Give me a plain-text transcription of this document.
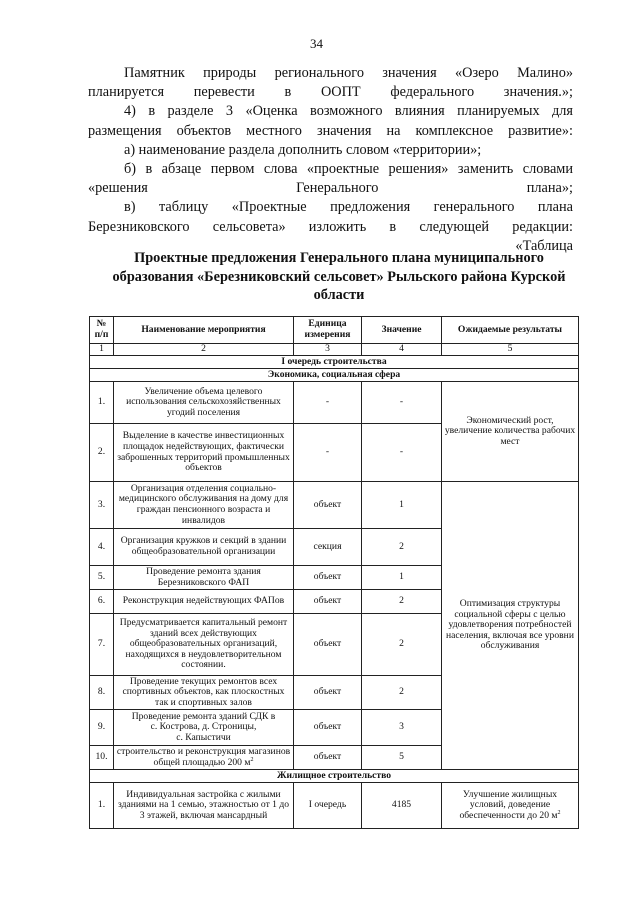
34

Памятник природы регионального значения «Озеро Малино» планируется перевести в ООПТ федерального значения.»;

4) в разделе 3 «Оценка возможного влияния планируемых для размещения объектов местного значения на комплексное развитие»:

а) наименование раздела дополнить словом «территории»;

б) в абзаце первом слова «проектные решения» заменить словами «решения Генерального плана»;

в) таблицу «Проектные предложения генерального плана Березниковского сельсовета» изложить в следующей редакции:

«Таблица

Проектные предложения Генерального плана муниципального образования «Березниковский сельсовет» Рыльского района Курской области
№ п/п	Наименование мероприятия	Единица измерения	Значение	Ожидаемые результаты
1	2	3	4	5
I очередь строительства				
Экономика, социальная сфера				
1.	Увеличение объема целевого использования сельскохозяйственных угодий поселения	-	-	Экономический рост, увеличение количества рабочих мест
2.	Выделение в качестве инвестиционных площадок недействующих, фактически заброшенных территорий промышленных объектов	-	-	
3.	Организация отделения социально-медицинского обслуживания на дому для граждан пенсионного возраста и инвалидов	объект	1	Оптимизация структуры социальной сферы с целью удовлетворения потребностей населения, включая все уровни обслуживания
4.	Организация кружков и секций в здании общеобразовательной организации	секция	2	
5.	Проведение ремонта здания Березниковского ФАП	объект	1	
6.	Реконструкция недействующих ФАПов	объект	2	
7.	Предусматривается капитальный ремонт зданий всех действующих общеобразовательных организаций, находящихся в неудовлетворительном состоянии.	объект	2	
8.	Проведение текущих ремонтов всех спортивных объектов, как плоскостных так и спортивных залов	объект	2	
9.	Проведение ремонта зданий СДК в
с. Кострова, д. Строницы,
с. Капыстичи	объект	3	
10.	строительство и реконструкция магазинов общей площадью 200 $м^2$	объект	5	
Жилищное строительство				
1.	Индивидуальная застройка с жилыми зданиями на 1 семью, этажностью от 1 до 3 этажей, включая мансардный	I очередь	4185	Улучшение жилищных условий, доведение обеспеченности до 20 $м^2$
